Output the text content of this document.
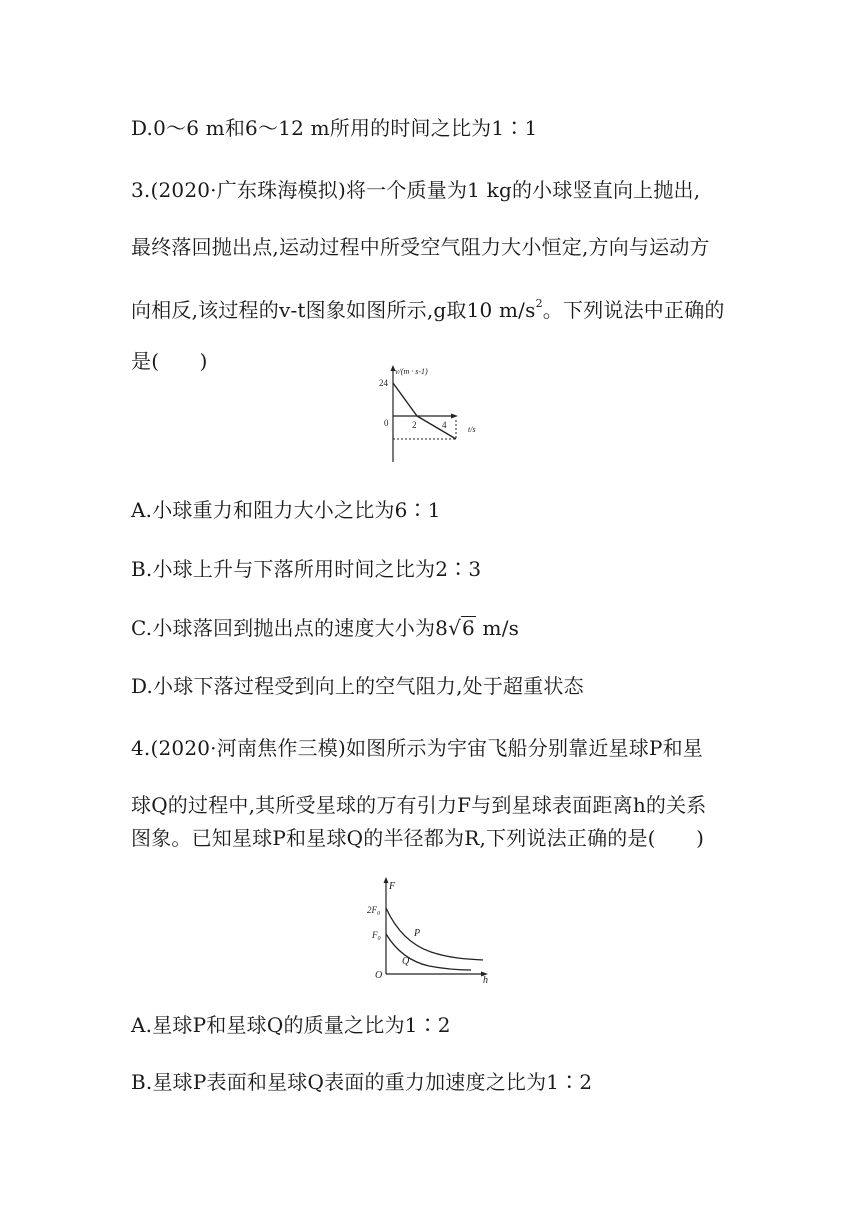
D.0～6 m和6～12 m所用的时间之比为1∶1
3.(2020·广东珠海模拟)将一个质量为1 kg的小球竖直向上抛出,
最终落回抛出点,运动过程中所受空气阻力大小恒定,方向与运动方
向相反,该过程的v-t图象如图所示,g取10 $m/s^2$。下列说法中正确的
是(　　)	v/(m · s-1)
24
0	2	4	t/s
A.小球重力和阻力大小之比为6∶1
B.小球上升与下落所用时间之比为2∶3
C.小球落回到抛出点的速度大小为8√6 m/s
D.小球下落过程受到向上的空气阻力,处于超重状态
4.(2020·河南焦作三模)如图所示为宇宙飞船分别靠近星球P和星
球Q的过程中,其所受星球的万有引力F与到星球表面距离h的关系
图象。已知星球P和星球Q的半径都为R,下列说法正确的是(　　)
F
$2F_0$
$F_0$	P
Q
O	h
A.星球P和星球Q的质量之比为1∶2
B.星球P表面和星球Q表面的重力加速度之比为1∶2
